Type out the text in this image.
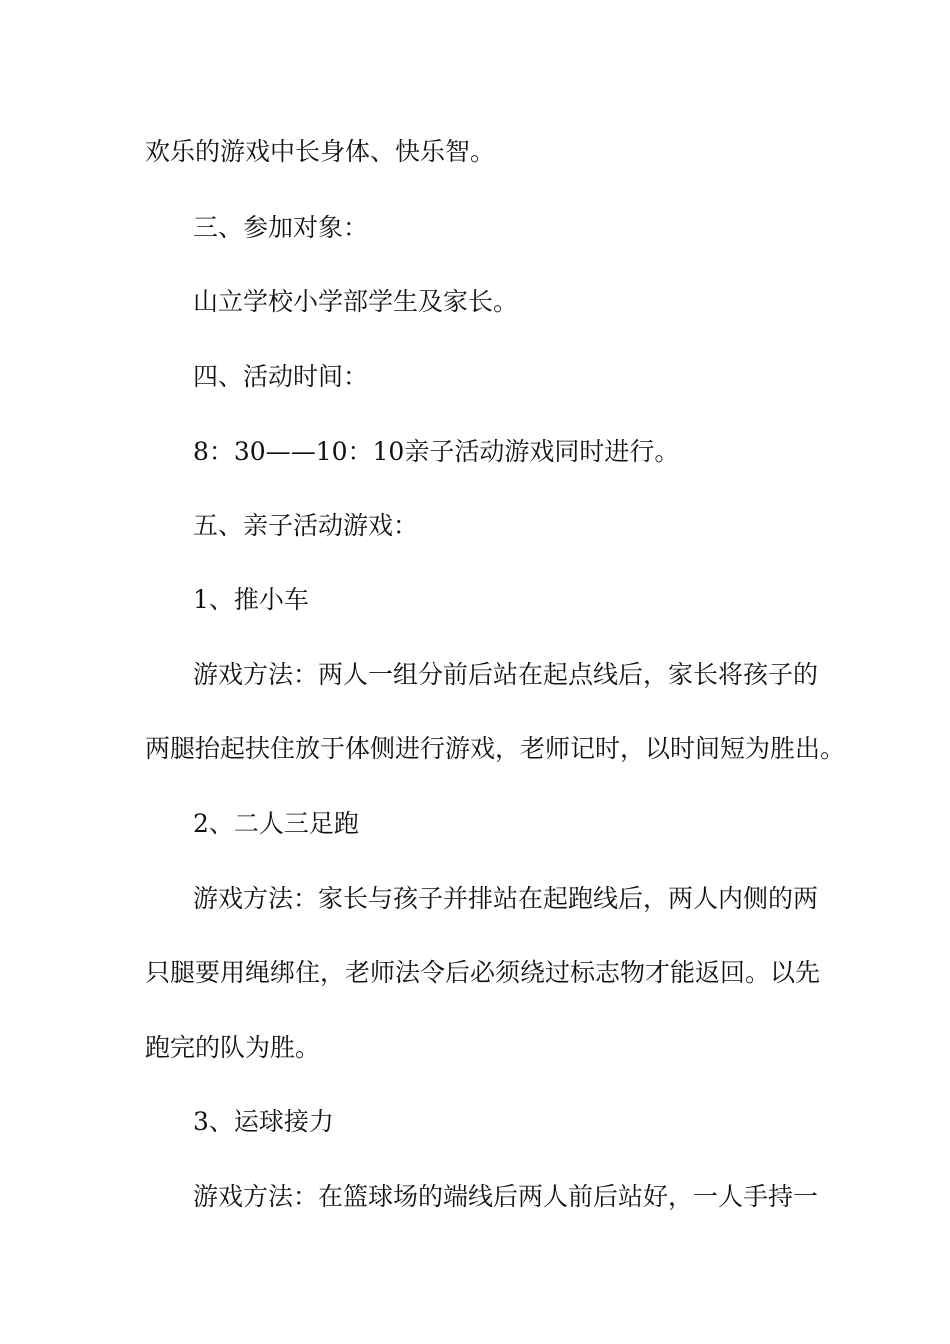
欢乐的游戏中长身体、快乐智。
三、参加对象：
山立学校小学部学生及家长。
四、活动时间：
8：30——10：10亲子活动游戏同时进行。
五、亲子活动游戏：
1、推小车
游戏方法：两人一组分前后站在起点线后，家长将孩子的
两腿抬起扶住放于体侧进行游戏，老师记时，以时间短为胜出。
2、二人三足跑
游戏方法：家长与孩子并排站在起跑线后，两人内侧的两
只腿要用绳绑住，老师法令后必须绕过标志物才能返回。以先
跑完的队为胜。
3、运球接力
游戏方法：在篮球场的端线后两人前后站好，一人手持一
